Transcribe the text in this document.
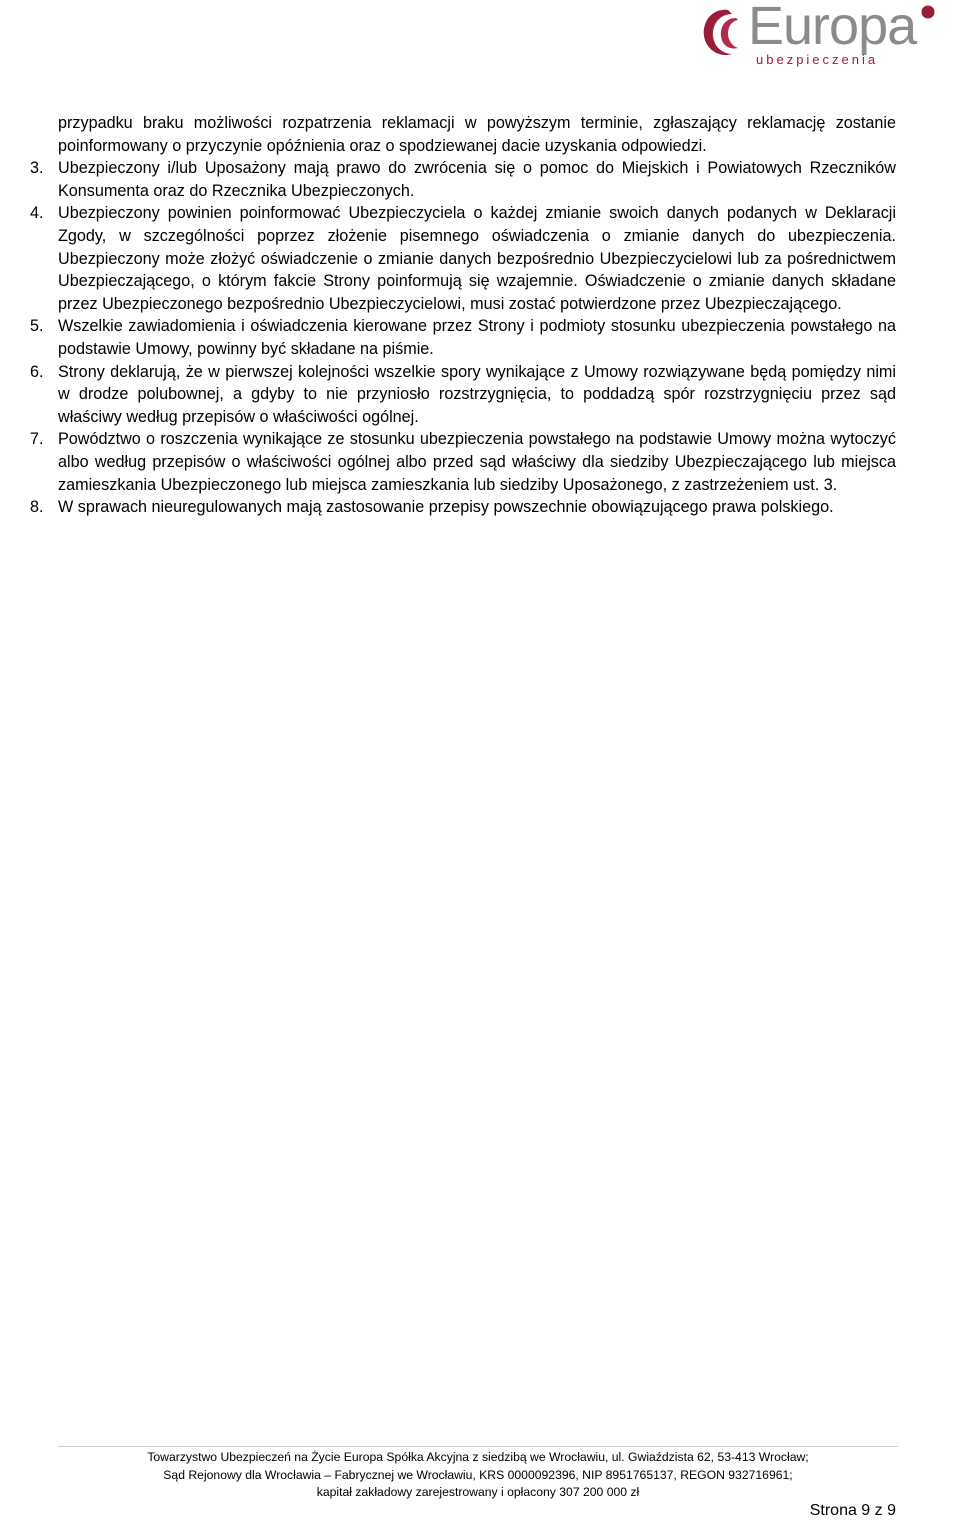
Europa
ubezpieczenia
przypadku braku możliwości rozpatrzenia reklamacji w powyższym terminie, zgłaszający reklamację zostanie poinformowany o przyczynie opóźnienia oraz o spodziewanej dacie uzyskania odpowiedzi.
3. Ubezpieczony i/lub Uposażony mają prawo do zwrócenia się o pomoc do Miejskich i Powiatowych Rzeczników Konsumenta oraz do Rzecznika Ubezpieczonych.
4. Ubezpieczony powinien poinformować Ubezpieczyciela o każdej zmianie swoich danych podanych w Deklaracji Zgody, w szczególności poprzez złożenie pisemnego oświadczenia o zmianie danych do ubezpieczenia. Ubezpieczony może złożyć oświadczenie o zmianie danych bezpośrednio Ubezpieczycielowi lub za pośrednictwem Ubezpieczającego, o którym fakcie Strony poinformują się wzajemnie. Oświadczenie o zmianie danych składane przez Ubezpieczonego bezpośrednio Ubezpieczycielowi, musi zostać potwierdzone przez Ubezpieczającego.
5. Wszelkie zawiadomienia i oświadczenia kierowane przez Strony i podmioty stosunku ubezpieczenia powstałego na podstawie Umowy, powinny być składane na piśmie.
6. Strony deklarują, że w pierwszej kolejności wszelkie spory wynikające z Umowy rozwiązywane będą pomiędzy nimi w drodze polubownej, a gdyby to nie przyniosło rozstrzygnięcia, to poddadzą spór rozstrzygnięciu przez sąd właściwy według przepisów o właściwości ogólnej.
7. Powództwo o roszczenia wynikające ze stosunku ubezpieczenia powstałego na podstawie Umowy można wytoczyć albo według przepisów o właściwości ogólnej albo przed sąd właściwy dla siedziby Ubezpieczającego lub miejsca zamieszkania Ubezpieczonego lub miejsca zamieszkania lub siedziby Uposażonego, z zastrzeżeniem ust. 3.
8. W sprawach nieuregulowanych mają zastosowanie przepisy powszechnie obowiązującego prawa polskiego.
Towarzystwo Ubezpieczeń na Życie Europa Spółka Akcyjna z siedzibą we Wrocławiu, ul. Gwiaździsta 62, 53-413 Wrocław;
Sąd Rejonowy dla Wrocławia – Fabrycznej we Wrocławiu, KRS 0000092396, NIP 8951765137, REGON 932716961;
kapitał zakładowy zarejestrowany i opłacony 307 200 000 zł
Strona 9 z 9
